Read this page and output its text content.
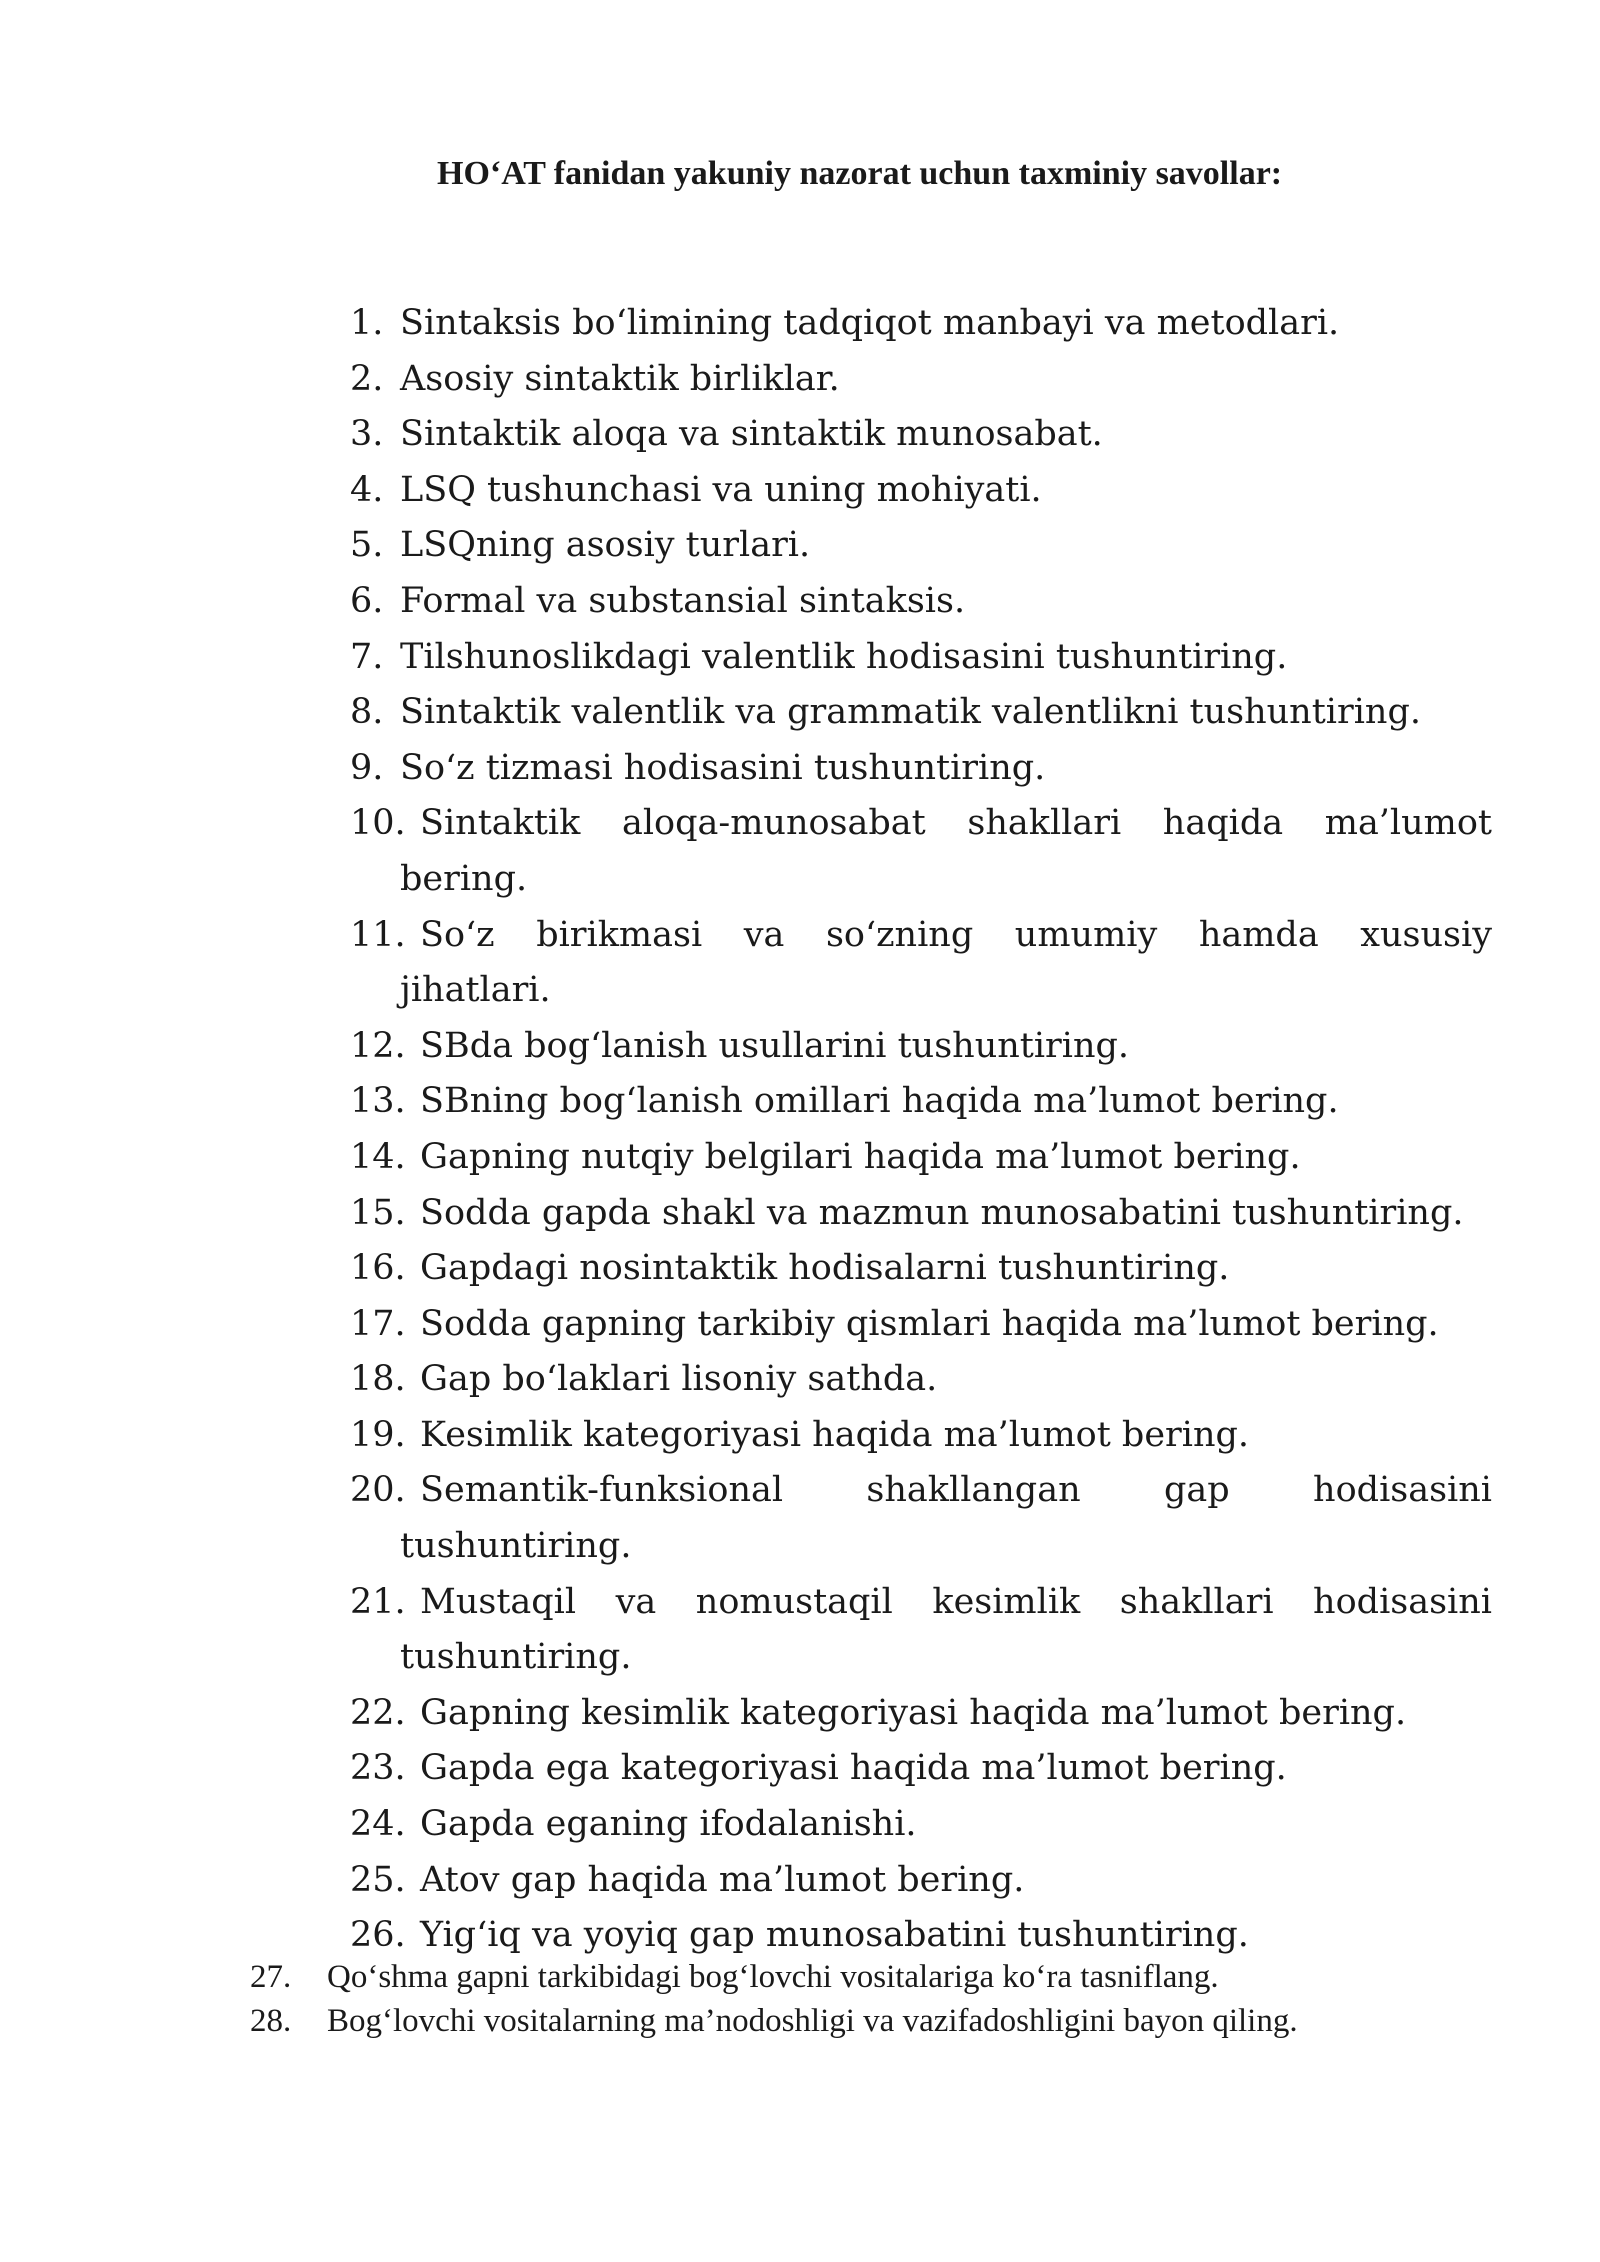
HO‘AT fanidan yakuniy nazorat uchun taxminiy savollar:
1. Sintaksis bo‘limining tadqiqot manbayi va metodlari.
2. Asosiy sintaktik birliklar.
3. Sintaktik aloqa va sintaktik munosabat.
4. LSQ tushunchasi va uning mohiyati.
5. LSQning asosiy turlari.
6. Formal va substansial sintaksis.
7. Tilshunoslikdagi valentlik hodisasini tushuntiring.
8. Sintaktik valentlik va grammatik valentlikni tushuntiring.
9. So‘z tizmasi hodisasini tushuntiring.
10. Sintaktik aloqa-munosabat shakllari haqida ma’lumot
bering.
11. So‘z birikmasi va so‘zning umumiy hamda xususiy
jihatlari.
12. SBda bog‘lanish usullarini tushuntiring.
13. SBning bog‘lanish omillari haqida ma’lumot bering.
14. Gapning nutqiy belgilari haqida ma’lumot bering.
15. Sodda gapda shakl va mazmun munosabatini tushuntiring.
16. Gapdagi nosintaktik hodisalarni tushuntiring.
17. Sodda gapning tarkibiy qismlari haqida ma’lumot bering.
18. Gap bo‘laklari lisoniy sathda.
19. Kesimlik kategoriyasi haqida ma’lumot bering.
20. Semantik-funksional shakllangan gap hodisasini
tushuntiring.
21. Mustaqil va nomustaqil kesimlik shakllari hodisasini
tushuntiring.
22. Gapning kesimlik kategoriyasi haqida ma’lumot bering.
23. Gapda ega kategoriyasi haqida ma’lumot bering.
24. Gapda eganing ifodalanishi.
25. Atov gap haqida ma’lumot bering.
26. Yig‘iq va yoyiq gap munosabatini tushuntiring.
27.	Qo‘shma gapni tarkibidagi bog‘lovchi vositalariga ko‘ra tasniflang.
28.	Bog‘lovchi vositalarning ma’nodoshligi va vazifadoshligini bayon qiling.
